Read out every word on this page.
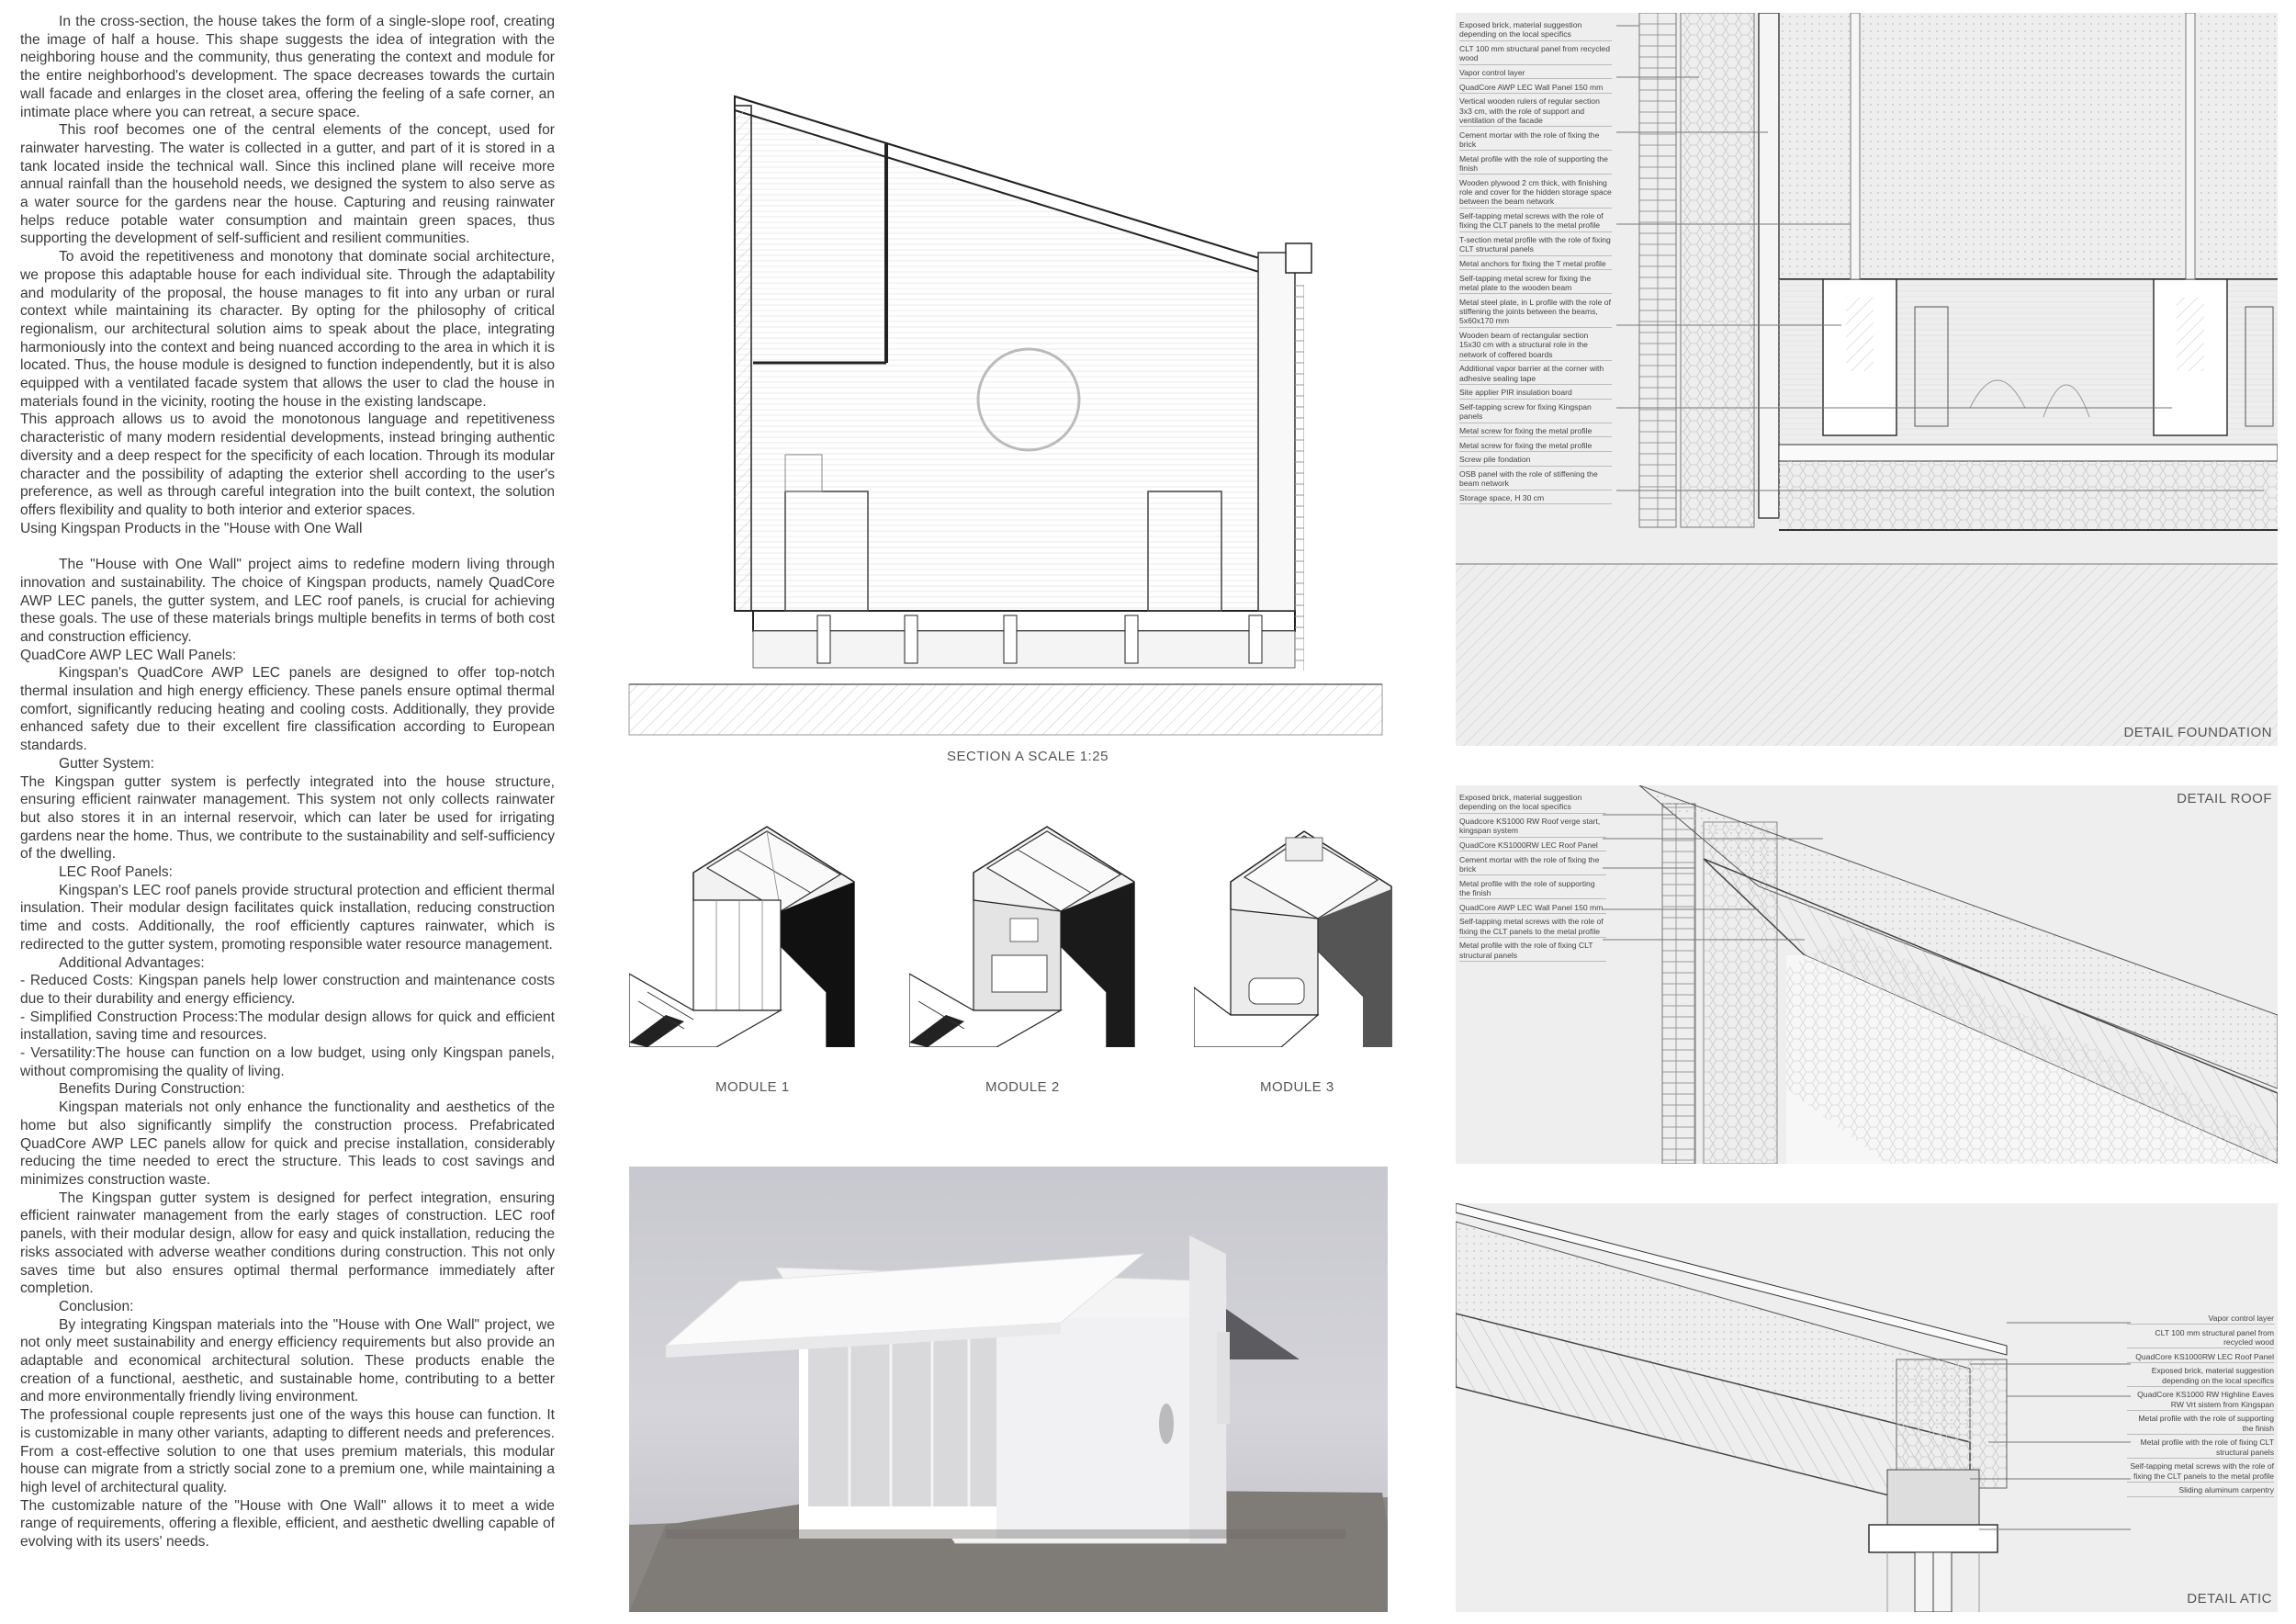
In the cross-section, the house takes the form of a single-slope roof, creating the image of half a house. This shape suggests the idea of integration with the neighboring house and the community, thus generating the context and module for the entire neighborhood's development. The space decreases towards the curtain wall facade and enlarges in the closet area, offering the feeling of a safe corner, an intimate place where you can retreat, a secure space.

This roof becomes one of the central elements of the concept, used for rainwater harvesting. The water is collected in a gutter, and part of it is stored in a tank located inside the technical wall. Since this inclined plane will receive more annual rainfall than the household needs, we designed the system to also serve as a water source for the gardens near the house. Capturing and reusing rainwater helps reduce potable water consumption and maintain green spaces, thus supporting the development of self-sufficient and resilient communities.

To avoid the repetitiveness and monotony that dominate social architecture, we propose this adaptable house for each individual site. Through the adaptability and modularity of the proposal, the house manages to fit into any urban or rural context while maintaining its character. By opting for the philosophy of critical regionalism, our architectural solution aims to speak about the place, integrating harmoniously into the context and being nuanced according to the area in which it is located. Thus, the house module is designed to function independently, but it is also equipped with a ventilated facade system that allows the user to clad the house in materials found in the vicinity, rooting the house in the existing landscape.

This approach allows us to avoid the monotonous language and repetitiveness characteristic of many modern residential developments, instead bringing authentic diversity and a deep respect for the specificity of each location. Through its modular character and the possibility of adapting the exterior shell according to the user's preference, as well as through careful integration into the built context, the solution offers flexibility and quality to both interior and exterior spaces.

Using Kingspan Products in the "House with One Wall

The "House with One Wall" project aims to redefine modern living through innovation and sustainability. The choice of Kingspan products, namely QuadCore AWP LEC panels, the gutter system, and LEC roof panels, is crucial for achieving these goals. The use of these materials brings multiple benefits in terms of both cost and construction efficiency.

QuadCore AWP LEC Wall Panels:

Kingspan's QuadCore AWP LEC panels are designed to offer top-notch thermal insulation and high energy efficiency. These panels ensure optimal thermal comfort, significantly reducing heating and cooling costs. Additionally, they provide enhanced safety due to their excellent fire classification according to European standards.

Gutter System:

The Kingspan gutter system is perfectly integrated into the house structure, ensuring efficient rainwater management. This system not only collects rainwater but also stores it in an internal reservoir, which can later be used for irrigating gardens near the home. Thus, we contribute to the sustainability and self-sufficiency of the dwelling.

LEC Roof Panels:

Kingspan's LEC roof panels provide structural protection and efficient thermal insulation. Their modular design facilitates quick installation, reducing construction time and costs. Additionally, the roof efficiently captures rainwater, which is redirected to the gutter system, promoting responsible water resource management.

Additional Advantages:

- Reduced Costs: Kingspan panels help lower construction and maintenance costs due to their durability and energy efficiency.

- Simplified Construction Process:The modular design allows for quick and efficient installation, saving time and resources.

- Versatility:The house can function on a low budget, using only Kingspan panels, without compromising the quality of living.

Benefits During Construction:

Kingspan materials not only enhance the functionality and aesthetics of the home but also significantly simplify the construction process. Prefabricated QuadCore AWP LEC panels allow for quick and precise installation, considerably reducing the time needed to erect the structure. This leads to cost savings and minimizes construction waste.

The Kingspan gutter system is designed for perfect integration, ensuring efficient rainwater management from the early stages of construction. LEC roof panels, with their modular design, allow for easy and quick installation, reducing the risks associated with adverse weather conditions during construction. This not only saves time but also ensures optimal thermal performance immediately after completion.

Conclusion:

By integrating Kingspan materials into the "House with One Wall" project, we not only meet sustainability and energy efficiency requirements but also provide an adaptable and economical architectural solution. These products enable the creation of a functional, aesthetic, and sustainable home, contributing to a better and more environmentally friendly living environment.

The professional couple represents just one of the ways this house can function. It is customizable in many other variants, adapting to different needs and preferences. From a cost-effective solution to one that uses premium materials, this modular house can migrate from a strictly social zone to a premium one, while maintaining a high level of architectural quality.

The customizable nature of the "House with One Wall" allows it to meet a wide range of requirements, offering a flexible, efficient, and aesthetic dwelling capable of evolving with its users' needs.

SECTION A SCALE 1:25
MODULE 1	MODULE 2	MODULE 3
Exposed brick, material suggestion depending on the local specifics
CLT 100 mm structural panel from recycled wood
Vapor control layer
QuadCore AWP LEC Wall Panel 150 mm
Vertical wooden rulers of regular section 3x3 cm, with the role of support and ventilation of the facade
Cement mortar with the role of fixing the brick
Metal profile with the role of supporting the finish
Wooden plywood 2 cm thick, with finishing role and cover for the hidden storage space between the beam network
Self-tapping metal screws with the role of fixing the CLT panels to the metal profile
T-section metal profile with the role of fixing CLT structural panels
Metal anchors for fixing the T metal profile
Self-tapping metal screw for fixing the metal plate to the wooden beam
Metal steel plate, in L profile with the role of stiffening the joints between the beams, 5x60x170 mm
Wooden beam of rectangular section 15x30 cm with a structural role in the network of coffered boards
Additional vapor barrier at the corner with adhesive sealing tape
Site applier PIR insulation board
Self-tapping screw for fixing Kingspan panels
Metal screw for fixing the metal profile
Metal screw for fixing the metal profile
Screw pile fondation
OSB panel with the role of stiffening the beam network
Storage space, H 30 cm
DETAIL FOUNDATION
Exposed brick, material suggestion depending on the local specifics
Quadcore KS1000 RW Roof verge start, kingspan system
QuadCore KS1000RW LEC Roof Panel
Cement mortar with the role of fixing the brick
Metal profile with the role of supporting the finish
QuadCore AWP LEC Wall Panel 150 mm
Self-tapping metal screws with the role of fixing the CLT panels to the metal profile
Metal profile with the role of fixing CLT structural panels
DETAIL ROOF
Vapor control layer
CLT 100 mm structural panel from recycled wood
QuadCore KS1000RW LEC Roof Panel
Exposed brick, material suggestion depending on the local specifics
QuadCore KS1000 RW Highline Eaves RW Vrt sistem from Kingspan
Metal profile with the role of supporting the finish
Metal profile with the role of fixing CLT structural panels
Self-tapping metal screws with the role of fixing the CLT panels to the metal profile
Sliding aluminum carpentry
DETAIL ATIC
